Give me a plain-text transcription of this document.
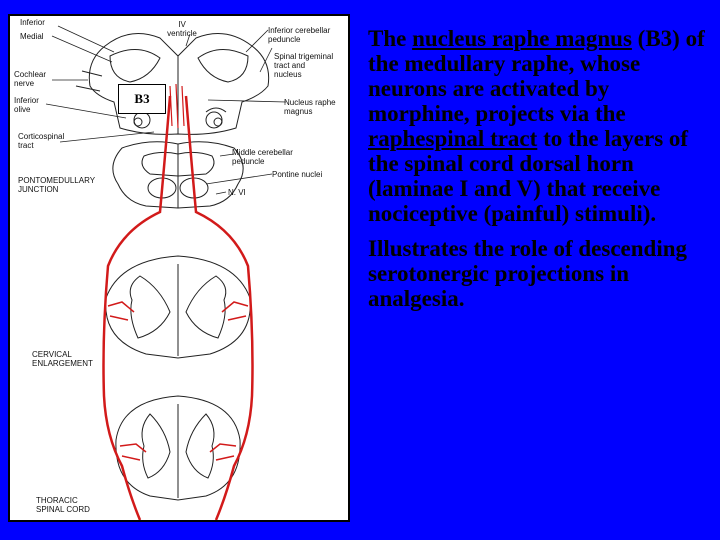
Inferior
Medial
IV
ventricle	Inferior cerebellar
peduncle
Spinal trigeminal
tract and
nucleus
Cochlear
nerve
Inferior
olive
Nucleus raphe
magnus
Corticospinal
tract
Middle cerebellar
peduncle
PONTOMEDULLARY
JUNCTION
Pontine nuclei
N. VI
CERVICAL
ENLARGEMENT
THORACIC
SPINAL CORD
B3

The nucleus raphe magnus (B3) of the medullary raphe, whose neurons are activated by morphine, projects via the raphespinal tract to the layers of the spinal cord dorsal horn (laminae I and V) that receive nociceptive (painful) stimuli).

Illustrates the role of descending serotonergic projections in analgesia.
